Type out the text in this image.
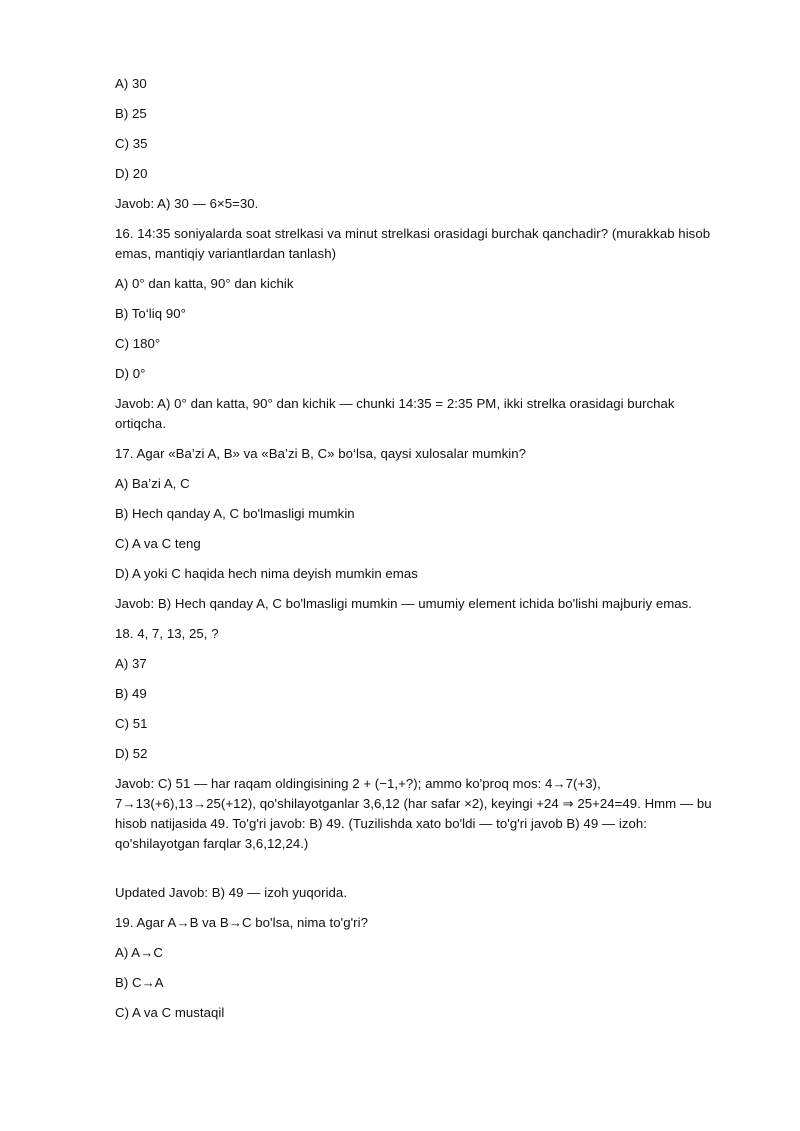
A) 30

B) 25

C) 35

D) 20

Javob: A) 30 — 6×5=30.

16. 14:35 soniyalarda soat strelkasi va minut strelkasi orasidagi burchak qanchadir? (murakkab hisob emas, mantiqiy variantlardan tanlash)

A) 0° dan katta, 90° dan kichik

B) To‘liq 90°

C) 180°

D) 0°

Javob: A) 0° dan katta, 90° dan kichik — chunki 14:35 = 2:35 PM, ikki strelka orasidagi burchak ortiqcha.

17. Agar «Ba’zi A, B» va «Ba’zi B, C» bo‘lsa, qaysi xulosalar mumkin?

A) Ba’zi A, C

B) Hech qanday A, C bo'lmasligi mumkin

C) A va C teng

D) A yoki C haqida hech nima deyish mumkin emas

Javob: B) Hech qanday A, C bo'lmasligi mumkin — umumiy element ichida bo'lishi majburiy emas.

18. 4, 7, 13, 25, ?

A) 37

B) 49

C) 51

D) 52

Javob: C) 51 — har raqam oldingisining 2 + (−1,+?); ammo ko'proq mos: 4→7(+3), 7→13(+6),13→25(+12), qo'shilayotganlar 3,6,12 (har safar ×2), keyingi +24 ⇒ 25+24=49. Hmm — bu hisob natijasida 49. To'g'ri javob: B) 49. (Tuzilishda xato bo'ldi — to'g'ri javob B) 49 — izoh: qo'shilayotgan farqlar 3,6,12,24.)

Updated Javob: B) 49 — izoh yuqorida.

19. Agar A→B va B→C bo'lsa, nima to'g'ri?

A) A→C

B) C→A

C) A va C mustaqil
